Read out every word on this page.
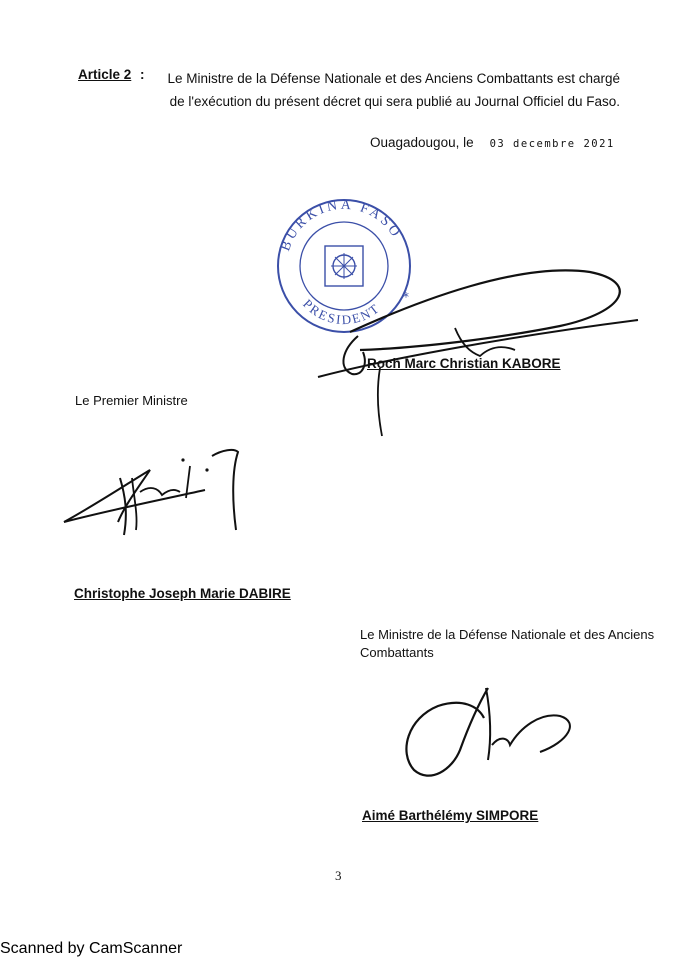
Article 2 :	Le Ministre de la Défense Nationale et des Anciens Combattants est chargé de l'exécution du présent décret qui sera publié au Journal Officiel du Faso.
Ouagadougou, le 03 decembre 2021
BURKINA FASO
PRESIDENT
*
Roch Marc Christian KABORE
Le Premier Ministre
Christophe Joseph Marie DABIRE
Le Ministre de la Défense Nationale et des Anciens Combattants
Aimé Barthélémy SIMPORE
3
Scanned by CamScanner
